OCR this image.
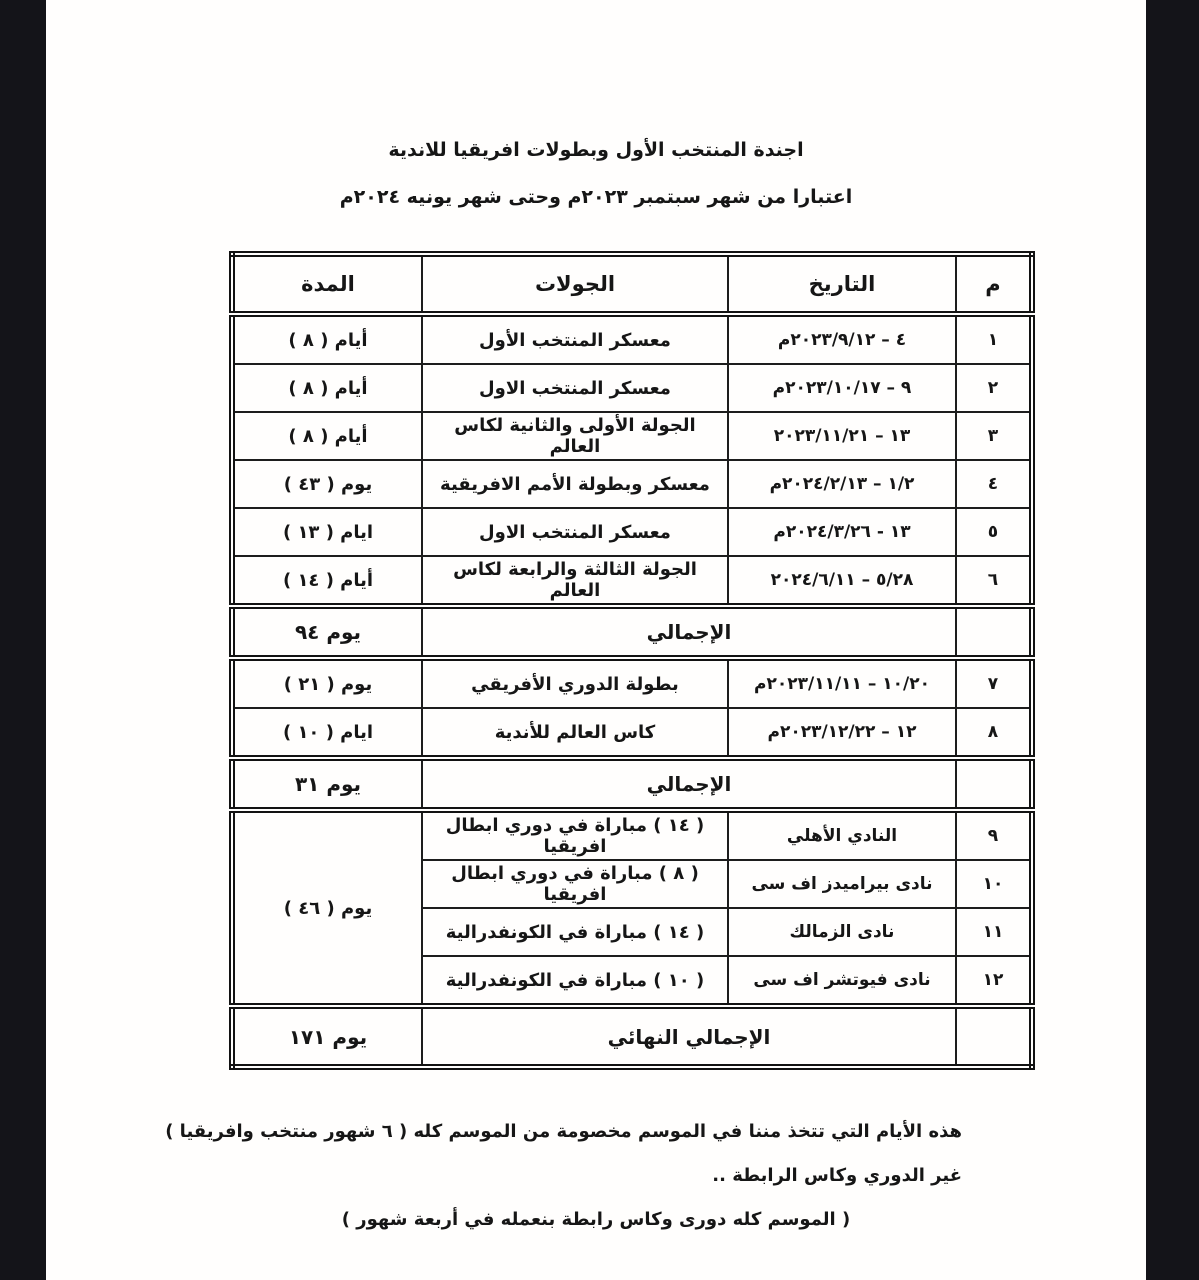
اجندة المنتخب الأول وبطولات افريقيا للاندية
اعتبارا من شهر سبتمبر ٢٠٢٣م وحتى شهر يونيه ٢٠٢٤م
م	التاريخ	الجولات	المدة
١	٤ – ٢٠٢٣/٩/١٢م	معسكر المنتخب الأول	أيام ( ٨ )
٢	٩ – ٢٠٢٣/١٠/١٧م	معسكر المنتخب الاول	أيام ( ٨ )
٣	١٣ – ٢٠٢٣/١١/٢١	الجولة الأولى والثانية لكاس العالم	أيام ( ٨ )
٤	١/٢ – ٢٠٢٤/٢/١٣م	معسكر وبطولة الأمم الافريقية	يوم ( ٤٣ )
٥	١٣ - ٢٠٢٤/٣/٢٦م	معسكر المنتخب الاول	ايام ( ١٣ )
٦	٥/٢٨ – ٢٠٢٤/٦/١١	الجولة الثالثة والرابعة لكاس العالم	أيام ( ١٤ )
	الإجمالي		يوم ٩٤
٧	١٠/٢٠ – ٢٠٢٣/١١/١١م	بطولة الدوري الأفريقي	يوم ( ٢١ )
٨	١٢ – ٢٠٢٣/١٢/٢٢م	كاس العالم للأندية	ايام ( ١٠ )
	الإجمالي		يوم ٣١
٩	النادي الأهلي	( ١٤ ) مباراة في دوري ابطال افريقيا	يوم ( ٤٦ )
١٠	نادى بيراميدز اف سى	( ٨ ) مباراة في دوري ابطال افريقيا	
١١	نادى الزمالك	( ١٤ ) مباراة في الكونفدرالية	
١٢	نادى فيوتشر اف سى	( ١٠ ) مباراة في الكونفدرالية	
	الإجمالي النهائي		يوم ١٧١
هذه الأيام التي تتخذ مننا في الموسم مخصومة من الموسم كله ( ٦ شهور منتخب وافريقيا )
غير الدوري وكاس الرابطة ..
( الموسم كله دورى وكاس رابطة بنعمله في أربعة شهور )
